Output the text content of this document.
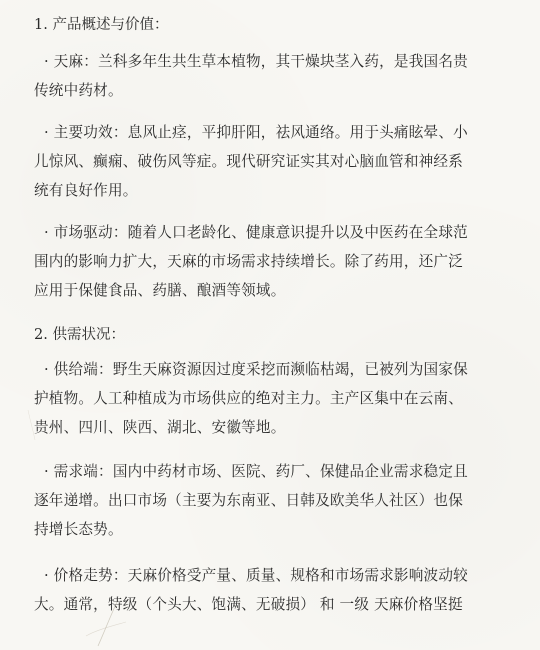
1. 产品概述与价值：
· 天麻：兰科多年生共生草本植物，其干燥块茎入药，是我国名贵
传统中药材。
· 主要功效：息风止痉，平抑肝阳，祛风通络。用于头痛眩晕、小
儿惊风、癫痫、破伤风等症。现代研究证实其对心脑血管和神经系
统有良好作用。
· 市场驱动：随着人口老龄化、健康意识提升以及中医药在全球范
围内的影响力扩大，天麻的市场需求持续增长。除了药用，还广泛
应用于保健食品、药膳、酿酒等领域。
2. 供需状况：
· 供给端：野生天麻资源因过度采挖而濒临枯竭，已被列为国家保
护植物。人工种植成为市场供应的绝对主力。主产区集中在云南、
贵州、四川、陕西、湖北、安徽等地。
· 需求端：国内中药材市场、医院、药厂、保健品企业需求稳定且
逐年递增。出口市场（主要为东南亚、日韩及欧美华人社区）也保
持增长态势。
· 价格走势：天麻价格受产量、质量、规格和市场需求影响波动较
大。通常，特级（个头大、饱满、无破损） 和 一级 天麻价格坚挺
